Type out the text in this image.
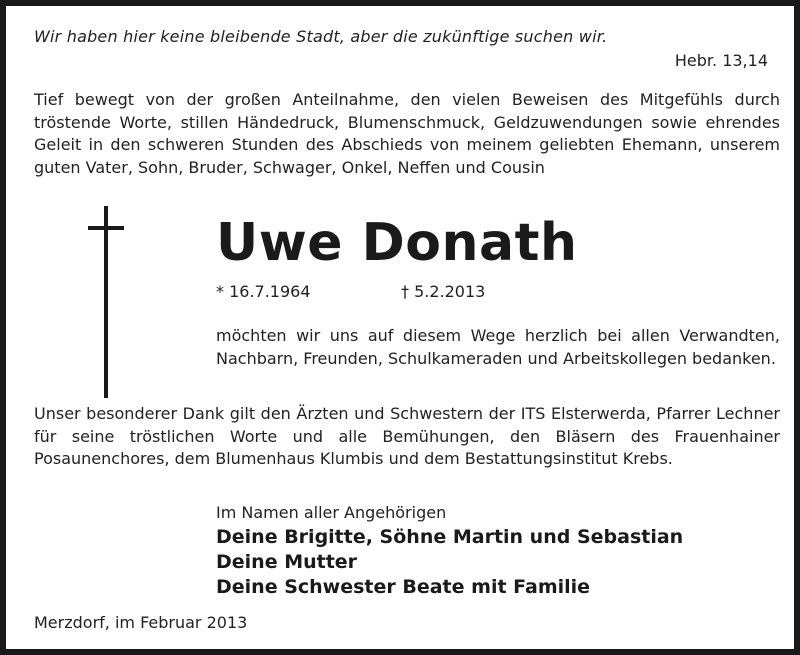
Wir haben hier keine bleibende Stadt, aber die zukünftige suchen wir.
Hebr. 13,14
Tief bewegt von der großen Anteilnahme, den vielen Beweisen des Mitgefühls durch tröstende Worte, stillen Händedruck, Blumenschmuck, Geldzuwendungen sowie ehrendes Geleit in den schweren Stunden des Abschieds von meinem geliebten Ehemann, unserem guten Vater, Sohn, Bruder, Schwager, Onkel, Neffen und Cousin
Uwe Donath
* 16.7.1964	† 5.2.2013
möchten wir uns auf diesem Wege herzlich bei allen Verwandten, Nachbarn, Freunden, Schulkameraden und Arbeitskollegen bedanken.
Unser besonderer Dank gilt den Ärzten und Schwestern der ITS Elsterwerda, Pfarrer Lechner für seine tröstlichen Worte und alle Bemühungen, den Bläsern des Frauenhainer Posaunenchores, dem Blumenhaus Klumbis und dem Bestattungsinstitut Krebs.
Im Namen aller Angehörigen
Deine Brigitte, Söhne Martin und Sebastian
Deine Mutter
Deine Schwester Beate mit Familie
Merzdorf, im Februar 2013
